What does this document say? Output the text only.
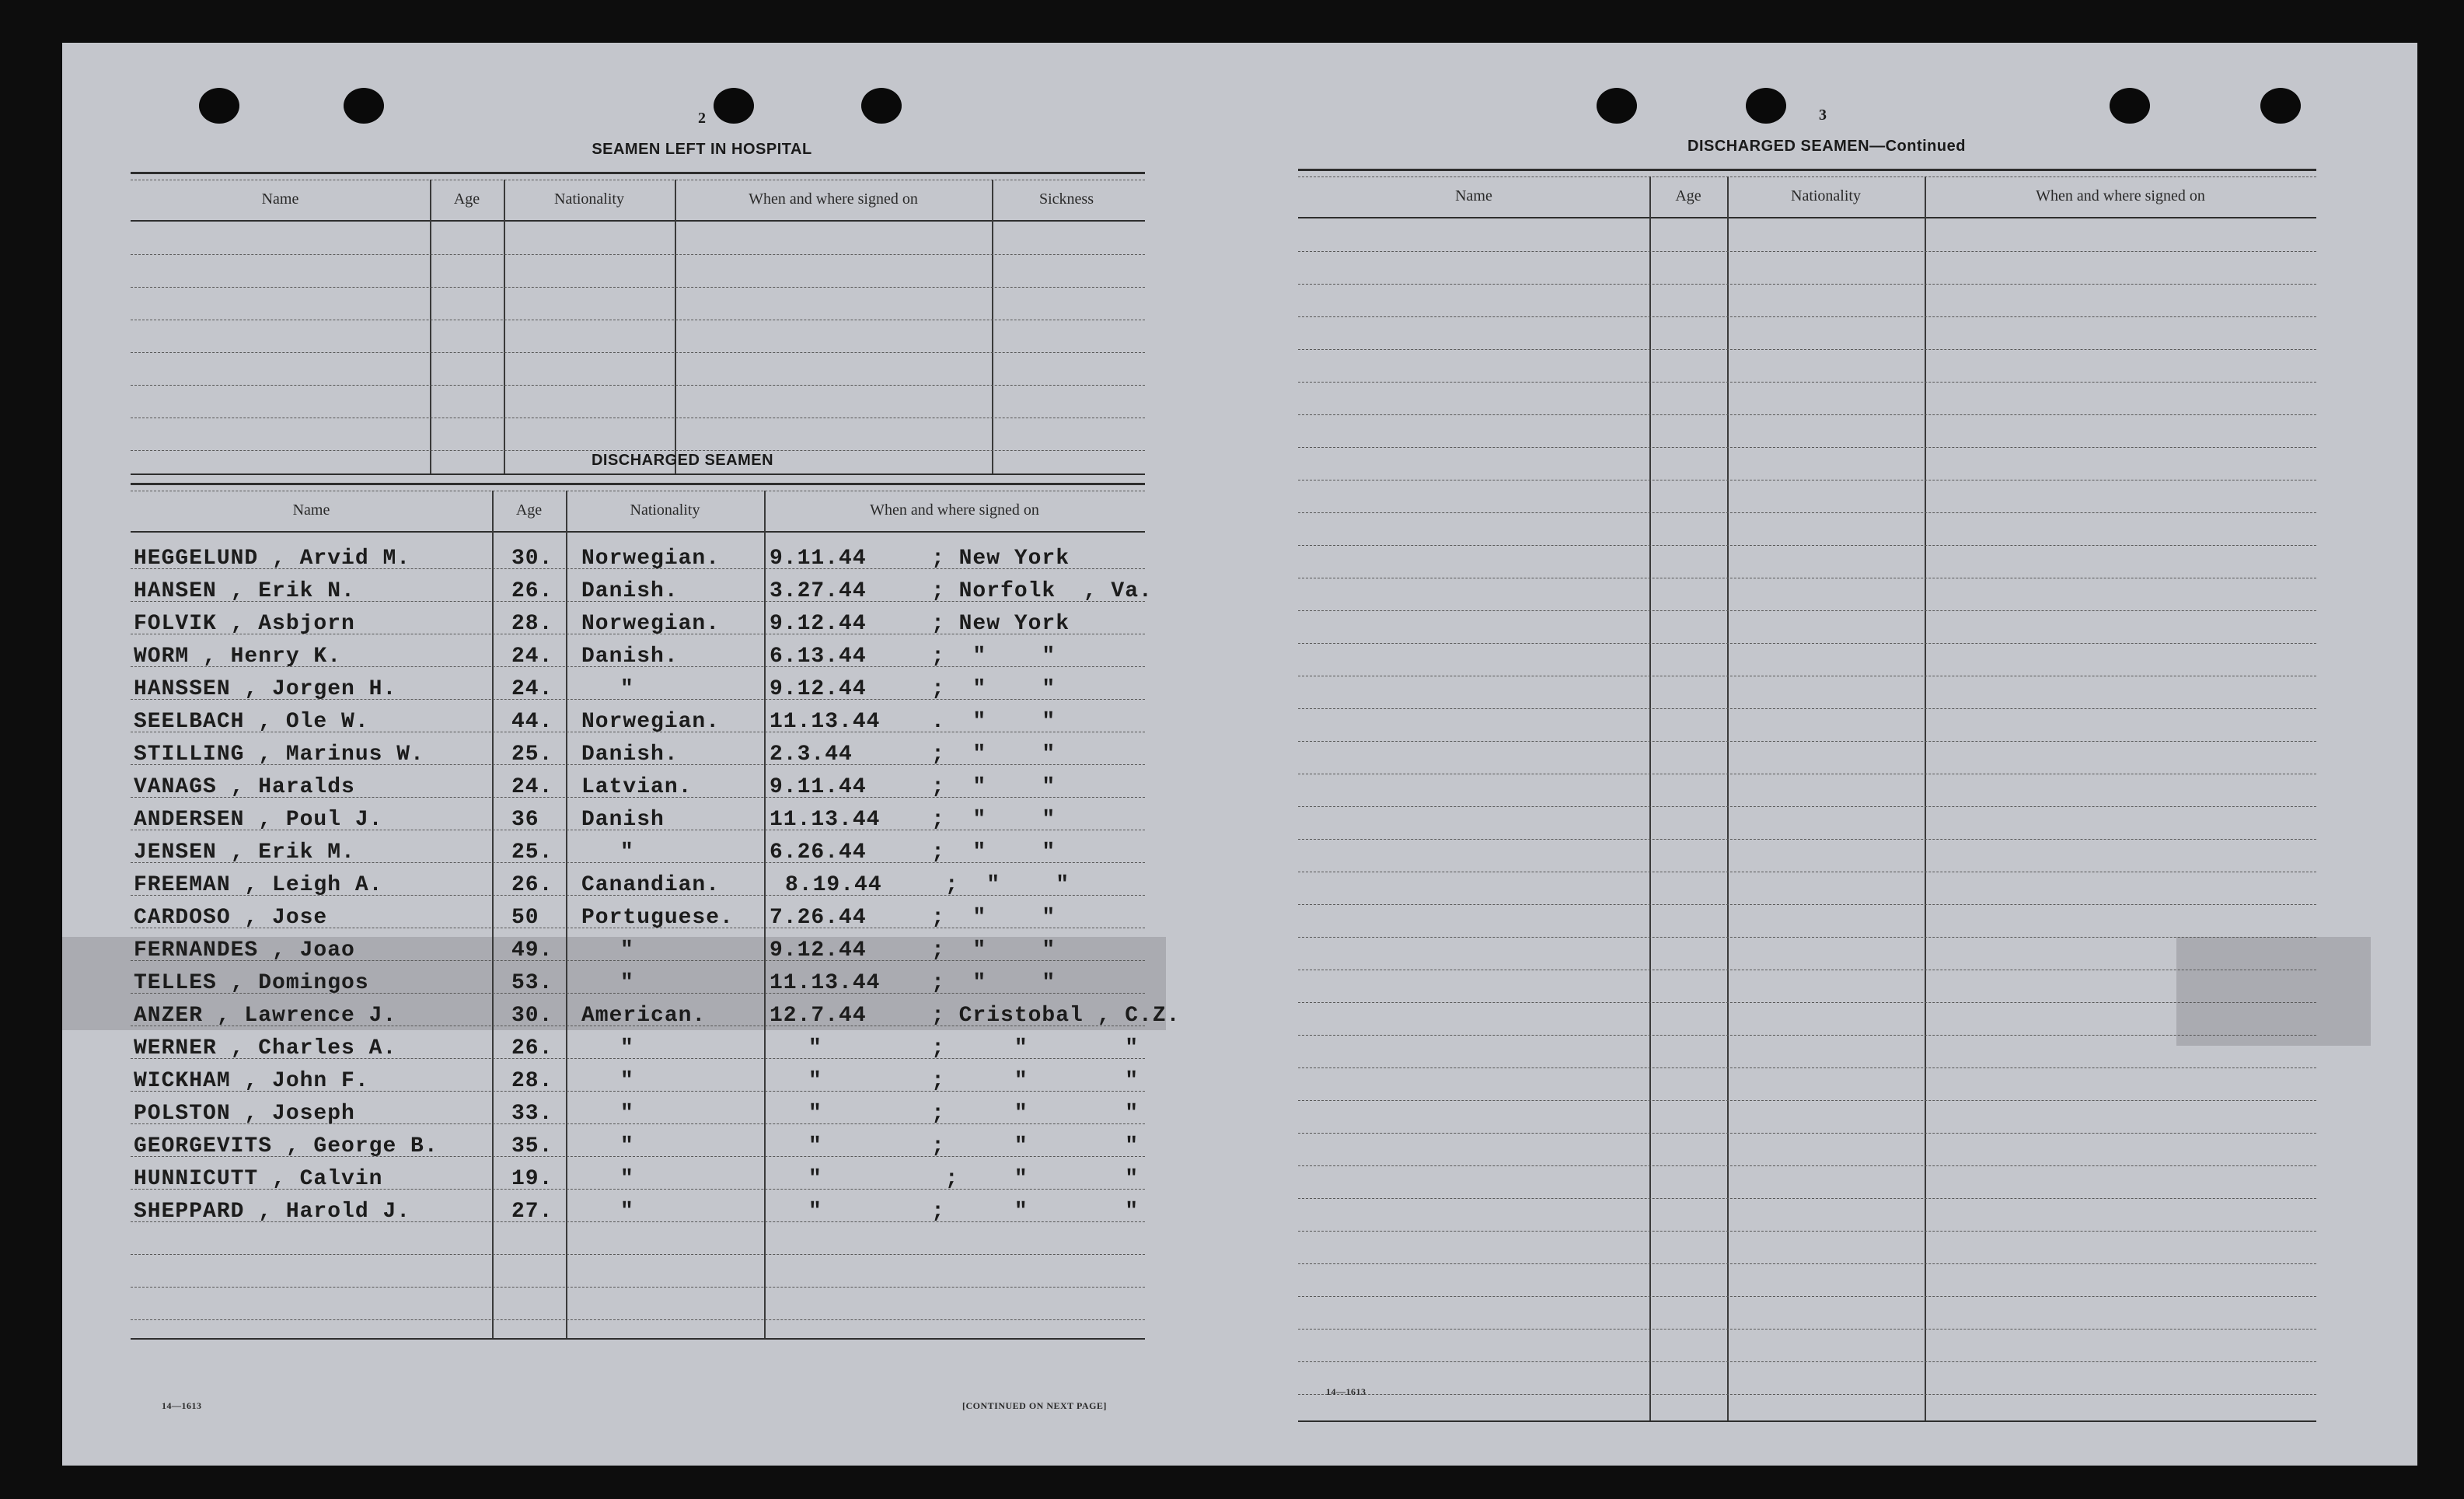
2
SEAMEN LEFT IN HOSPITAL
Name	Age	Nationality	When and where signed on	Sickness
DISCHARGED SEAMEN
Name	Age	Nationality	When and where signed on
14—1613	[CONTINUED ON NEXT PAGE]
HEGGELUND , Arvid M.	30. Norwegian. 9.11.44	; New York
HANSEN , Erik N.	26. Danish.	3.27.44	; Norfolk  , Va.
FOLVIK , Asbjorn	28. Norwegian. 9.12.44	; New York
WORM , Henry K.	24. Danish.	6.13.44	;  "    "
HANSSEN , Jorgen H.	24.	"	9.12.44	;  "    "
SEELBACH , Ole W.	44. Norwegian. 11.13.44 .  "    "
STILLING , Marinus W.	25. Danish.	2.3.44	;  "    "
VANAGS , Haralds	24. Latvian.	9.11.44	;  "    "
ANDERSEN , Poul J.	36 Danish	11.13.44 ;  "    "
JENSEN , Erik M.	25.	"	6.26.44	;  "    "
FREEMAN , Leigh A.	26. Canandian.	8.19.44 ;  "    "
CARDOSO , Jose	50 Portuguese. 7.26.44	;  "    "
FERNANDES , Joao	49.	"	9.12.44	;  "    "
TELLES , Domingos	53.	"	11.13.44 ;  "    "
ANZER , Lawrence J.	30. American.	12.7.44	; Cristobal , C.Z.
WERNER , Charles A.	26.	"	"	;     "       "
WICKHAM , John F.	28.	"	"	;     "       "
POLSTON , Joseph	33.	"	"	;     "       "
GEORGEVITS , George B.	35.	"	"	;     "       "
HUNNICUTT , Calvin	19.	"	"	;    "       "
SHEPPARD , Harold J.	27.	"	"	;     "       "
3
DISCHARGED SEAMEN—Continued
Name	Age	Nationality	When and where signed on
14—1613
